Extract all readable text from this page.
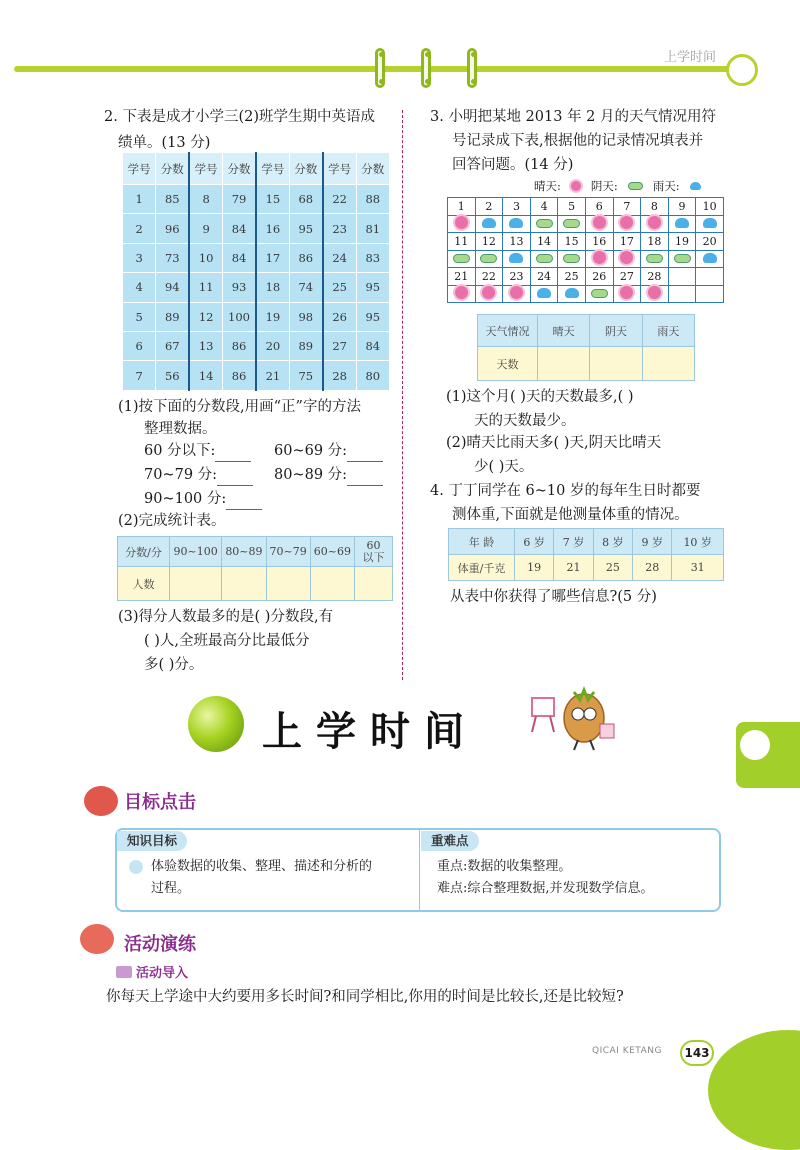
上学时间
2. 下表是成才小学三(2)班学生期中英语成
绩单。(13 分)
学号	分数	学号	分数	学号	分数	学号	分数
1	85	8	79	15	68	22	88
2	96	9	84	16	95	23	81
3	73	10	84	17	86	24	83
4	94	11	93	18	74	25	95
5	89	12	100	19	98	26	95
6	67	13	86	20	89	27	84
7	56	14	86	21	75	28	80
(1)按下面的分数段,用画“正”字的方法
整理数据。
60 分以下:	60~69 分:
70~79 分:	80~89 分:
90~100 分:
(2)完成统计表。
分数/分	90~100	80~89	70~79	60~69	60
以下
人数					
(3)得分人数最多的是( )分数段,有
( )人,全班最高分比最低分
多( )分。
3. 小明把某地 2013 年 2 月的天气情况用符
号记录成下表,根据他的记录情况填表并
回答问题。(14 分)
晴天:	阴天:	雨天:
1	2	3	4	5	6	7	8	9	10

11	12	13	14	15	16	17	18	19	20

21	22	23	24	25	26	27	28		

天气情况	晴天	阴天	雨天
天数			
(1)这个月( )天的天数最多,( )
天的天数最少。
(2)晴天比雨天多( )天,阴天比晴天
少( )天。
4. 丁丁同学在 6~10 岁的每年生日时都要
测体重,下面就是他测量体重的情况。
年 龄	6 岁	7 岁	8 岁	9 岁	10 岁
体重/千克	19	21	25	28	31
从表中你获得了哪些信息?(5 分)
上学时间
目标点击
知识目标	重难点
体验数据的收集、整理、描述和分析的
过程。
重点:数据的收集整理。
难点:综合整理数据,并发现数学信息。
活动演练
活动导入
你每天上学途中大约要用多长时间?和同学相比,你用的时间是比较长,还是比较短?
QICAI KETANG	143
